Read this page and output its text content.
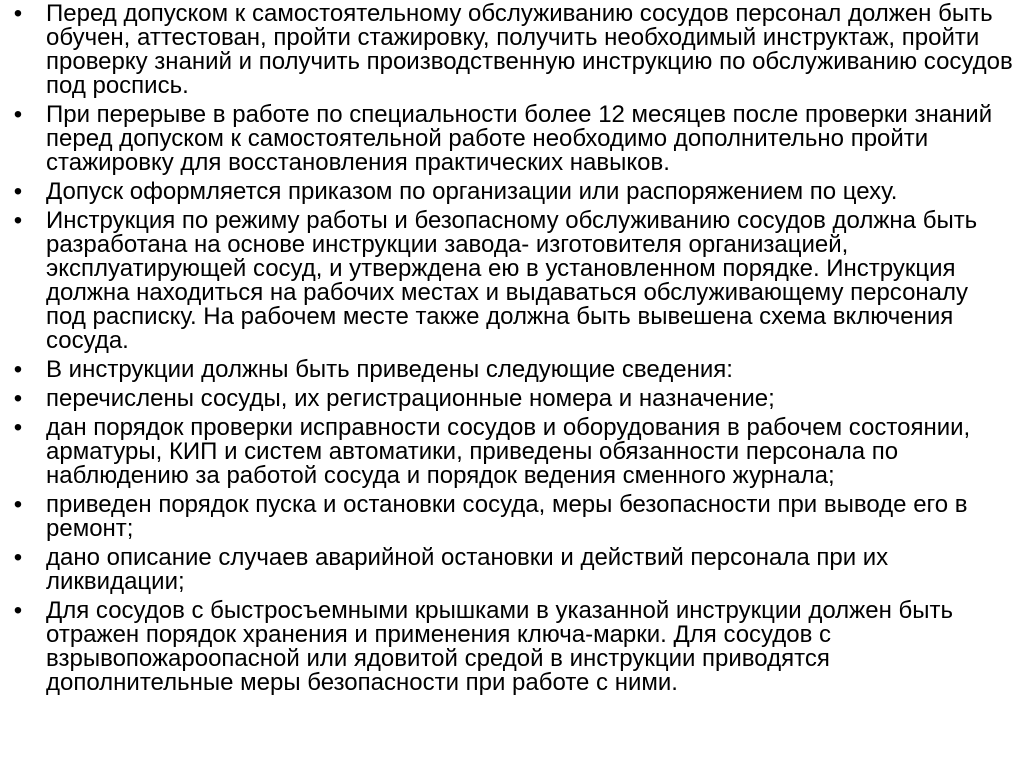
• Перед допуском к самостоятельному обслуживанию сосудов персонал должен быть обучен, аттестован, пройти стажировку, получить необходимый инструктаж, пройти проверку знаний и получить производственную инструкцию по обслуживанию сосудов под роспись.
• При перерыве в работе по специальности более 12 месяцев после проверки знаний перед допуском к самостоятельной работе необходимо дополнительно пройти стажировку для восстановления практических навыков.
• Допуск оформляется приказом по организации или распоряжением по цеху.
• Инструкция по режиму работы и безопасному обслуживанию сосудов должна быть разработана на основе инструкции завода- изготовителя организацией, эксплуатирующей сосуд, и утверждена ею в установленном порядке. Инструкция должна находиться на рабочих местах и выдаваться обслуживающему персоналу под расписку. На рабочем месте также должна быть вывешена схема включения сосуда.
• В инструкции должны быть приведены следующие сведения:
• перечислены сосуды, их регистрационные номера и назначение;
• дан порядок проверки исправности сосудов и оборудования в рабочем состоянии, арматуры, КИП и систем автоматики, приведены обязанности персонала по наблюдению за работой сосуда и порядок ведения сменного журнала;
• приведен порядок пуска и остановки сосуда, меры безопасности при выводе его в ремонт;
• дано описание случаев аварийной остановки и действий персонала при их ликвидации;
• Для сосудов с быстросъемными крышками в указанной инструкции должен быть отражен порядок хранения и применения ключа-марки. Для сосудов с взрывопожароопасной или ядовитой средой в инструкции приводятся дополнительные меры безопасности при работе с ними.
